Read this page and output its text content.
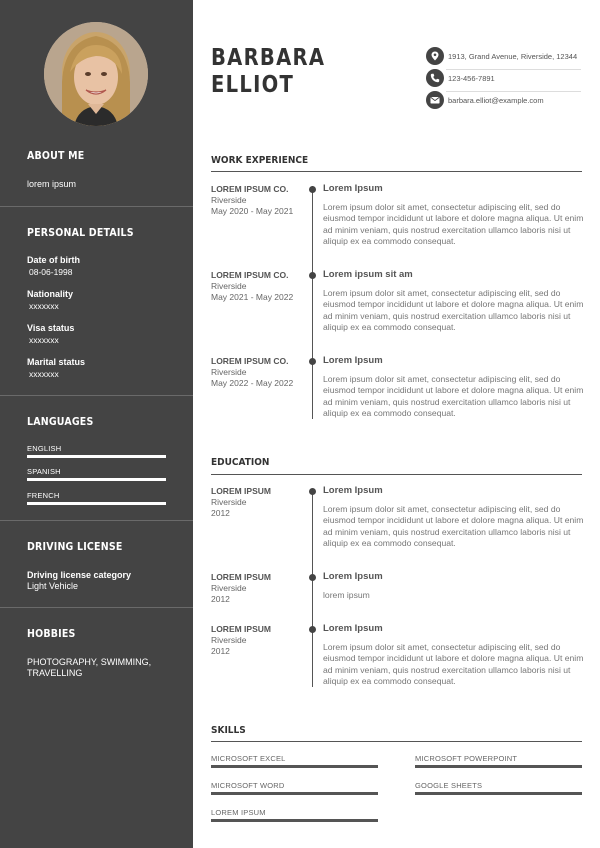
ABOUT ME
lorem ipsum
PERSONAL DETAILS
Date of birth
08-06-1998
Nationality
xxxxxxx
Visa status
xxxxxxx
Marital status
xxxxxxx
LANGUAGES
ENGLISH
SPANISH
FRENCH
DRIVING LICENSE
Driving license category
Light Vehicle
HOBBIES
PHOTOGRAPHY, SWIMMING,
TRAVELLING
BARBARA
ELLIOT
1913, Grand Avenue, Riverside, 12344
123-456-7891
barbara.elliot@example.com
WORK EXPERIENCE
LOREM IPSUM CO.
Riverside
May 2020 - May 2021
Lorem Ipsum
Lorem ipsum dolor sit amet, consectetur adipiscing elit, sed do eiusmod tempor incididunt ut labore et dolore magna aliqua. Ut enim ad minim veniam, quis nostrud exercitation ullamco laboris nisi ut aliquip ex ea commodo consequat.
LOREM IPSUM CO.
Riverside
May 2021 - May 2022
Lorem ipsum sit am
Lorem ipsum dolor sit amet, consectetur adipiscing elit, sed do eiusmod tempor incididunt ut labore et dolore magna aliqua. Ut enim ad minim veniam, quis nostrud exercitation ullamco laboris nisi ut aliquip ex ea commodo consequat.
LOREM IPSUM CO.
Riverside
May 2022 - May 2022
Lorem Ipsum
Lorem ipsum dolor sit amet, consectetur adipiscing elit, sed do eiusmod tempor incididunt ut labore et dolore magna aliqua. Ut enim ad minim veniam, quis nostrud exercitation ullamco laboris nisi ut aliquip ex ea commodo consequat.
EDUCATION
LOREM IPSUM
Riverside
2012
Lorem Ipsum
Lorem ipsum dolor sit amet, consectetur adipiscing elit, sed do eiusmod tempor incididunt ut labore et dolore magna aliqua. Ut enim ad minim veniam, quis nostrud exercitation ullamco laboris nisi ut aliquip ex ea commodo consequat.
LOREM IPSUM
Riverside
2012
Lorem Ipsum
lorem ipsum
LOREM IPSUM
Riverside
2012
Lorem Ipsum
Lorem ipsum dolor sit amet, consectetur adipiscing elit, sed do eiusmod tempor incididunt ut labore et dolore magna aliqua. Ut enim ad minim veniam, quis nostrud exercitation ullamco laboris nisi ut aliquip ex ea commodo consequat.
SKILLS
MICROSOFT EXCEL	MICROSOFT POWERPOINT
MICROSOFT WORD	GOOGLE SHEETS
LOREM IPSUM
